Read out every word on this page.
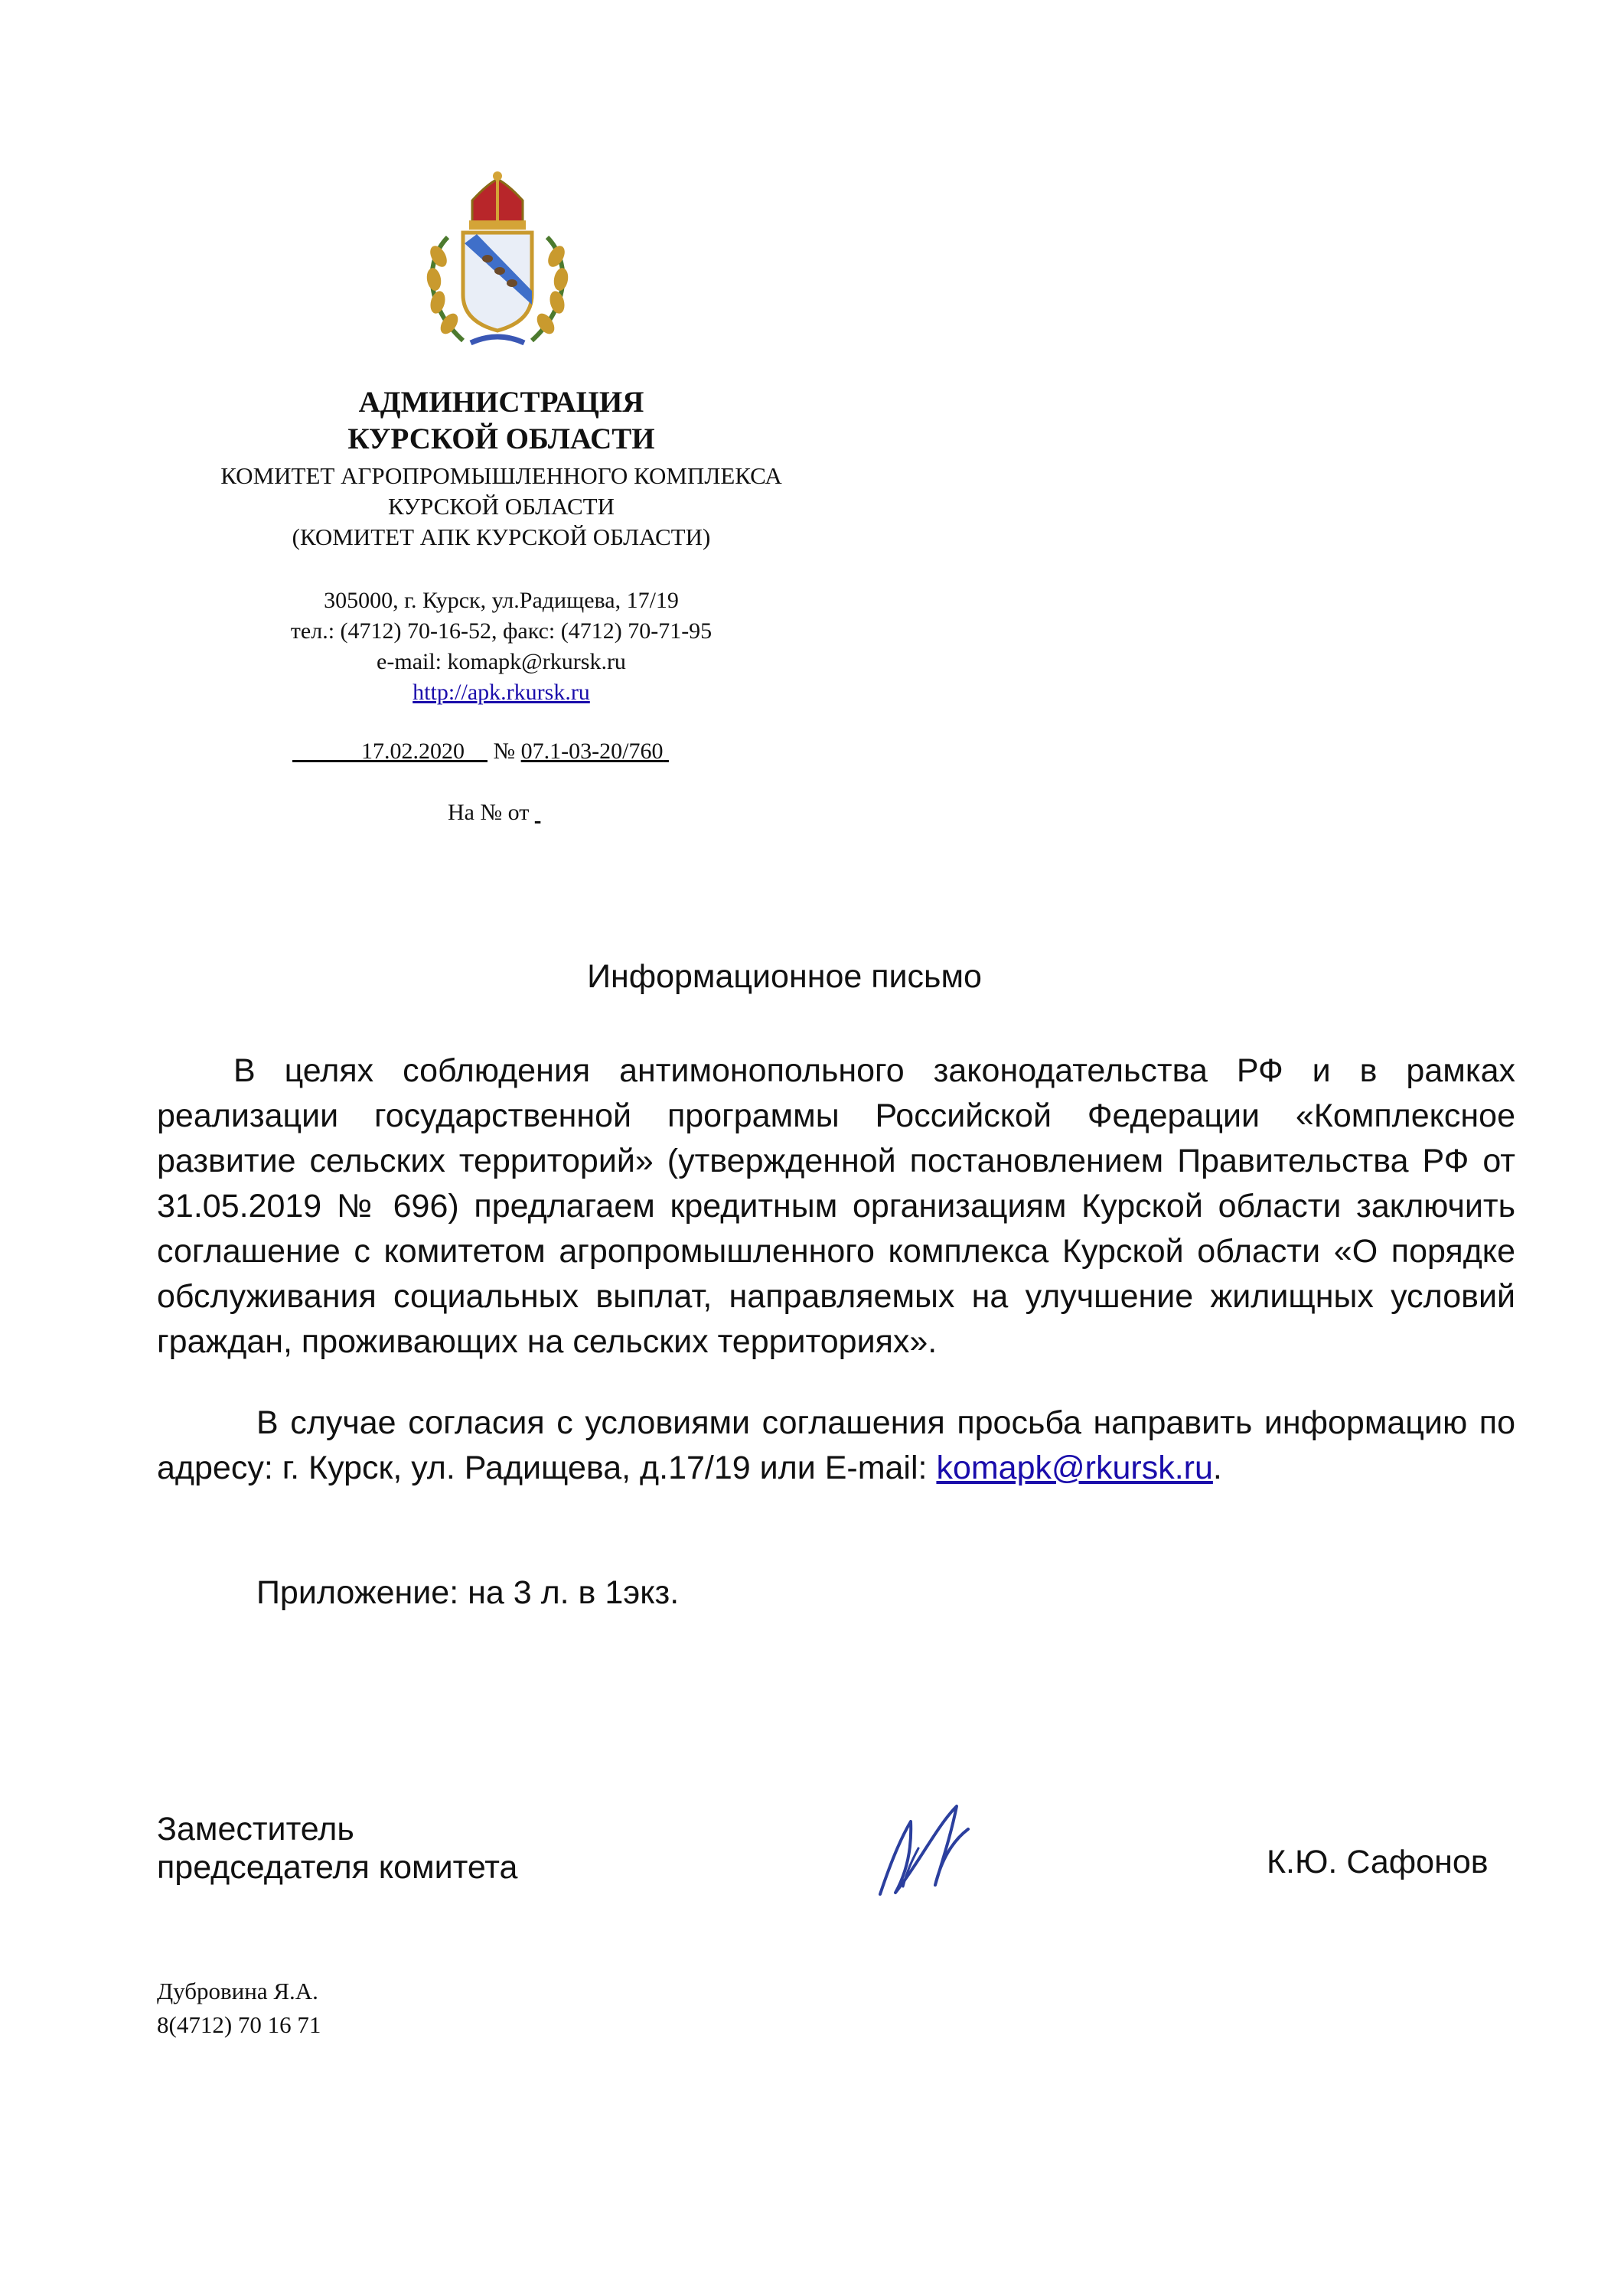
АДМИНИСТРАЦИЯ
КУРСКОЙ ОБЛАСТИ
КОМИТЕТ АГРОПРОМЫШЛЕННОГО КОМПЛЕКСА
КУРСКОЙ ОБЛАСТИ
(КОМИТЕТ АПК КУРСКОЙ ОБЛАСТИ)
305000, г. Курск, ул.Радищева, 17/19
тел.: (4712) 70-16-52, факс: (4712) 70-71-95
e-mail: komapk@rkursk.ru
http://apk.rkursk.ru
17.02.2020 № 07.1-03-20/760
На № от
Информационное письмо

В целях соблюдения антимонопольного законодательства РФ и в рамках реализации государственной программы Российской Федерации «Комплексное развитие сельских территорий» (утвержденной постановлением Правительства РФ от 31.05.2019 № 696) предлагаем кредитным организациям Курской области заключить соглашение с комитетом агропромышленного комплекса Курской области «О порядке обслуживания социальных выплат, направляемых на улучшение жилищных условий граждан, проживающих на сельских территориях».

В случае согласия с условиями соглашения просьба направить информацию по адресу: г. Курск, ул. Радищева, д.17/19 или E-mail: komapk@rkursk.ru.

Приложение: на 3 л. в 1экз.
Заместитель
председателя комитета	К.Ю. Сафонов
Дубровина Я.А.
8(4712) 70 16 71
